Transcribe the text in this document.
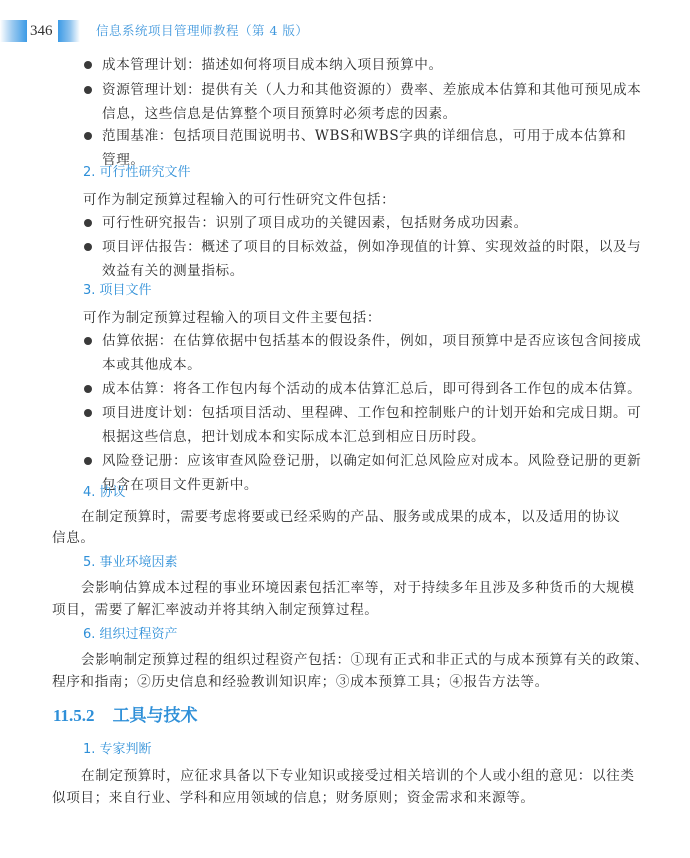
346	信息系统项目管理师教程（第 4 版）
成本管理计划：描述如何将项目成本纳入项目预算中。
资源管理计划：提供有关（人力和其他资源的）费率、差旅成本估算和其他可预见成本
信息，这些信息是估算整个项目预算时必须考虑的因素。
范围基准：包括项目范围说明书、WBS和WBS字典的详细信息，可用于成本估算和
管理。
2. 可行性研究文件
可作为制定预算过程输入的可行性研究文件包括：
可行性研究报告：识别了项目成功的关键因素，包括财务成功因素。
项目评估报告：概述了项目的目标效益，例如净现值的计算、实现效益的时限，以及与
效益有关的测量指标。
3. 项目文件
可作为制定预算过程输入的项目文件主要包括：
估算依据：在估算依据中包括基本的假设条件，例如，项目预算中是否应该包含间接成
本或其他成本。
成本估算：将各工作包内每个活动的成本估算汇总后，即可得到各工作包的成本估算。
项目进度计划：包括项目活动、里程碑、工作包和控制账户的计划开始和完成日期。可
根据这些信息，把计划成本和实际成本汇总到相应日历时段。
风险登记册：应该审查风险登记册，以确定如何汇总风险应对成本。风险登记册的更新
包含在项目文件更新中。
4. 协议
在制定预算时，需要考虑将要或已经采购的产品、服务或成果的成本，以及适用的协议
信息。
5. 事业环境因素
会影响估算成本过程的事业环境因素包括汇率等，对于持续多年且涉及多种货币的大规模
项目，需要了解汇率波动并将其纳入制定预算过程。
6. 组织过程资产
会影响制定预算过程的组织过程资产包括：①现有正式和非正式的与成本预算有关的政策、
程序和指南；②历史信息和经验教训知识库；③成本预算工具；④报告方法等。
11.5.2 工具与技术
1. 专家判断
在制定预算时，应征求具备以下专业知识或接受过相关培训的个人或小组的意见：以往类
似项目；来自行业、学科和应用领域的信息；财务原则；资金需求和来源等。
